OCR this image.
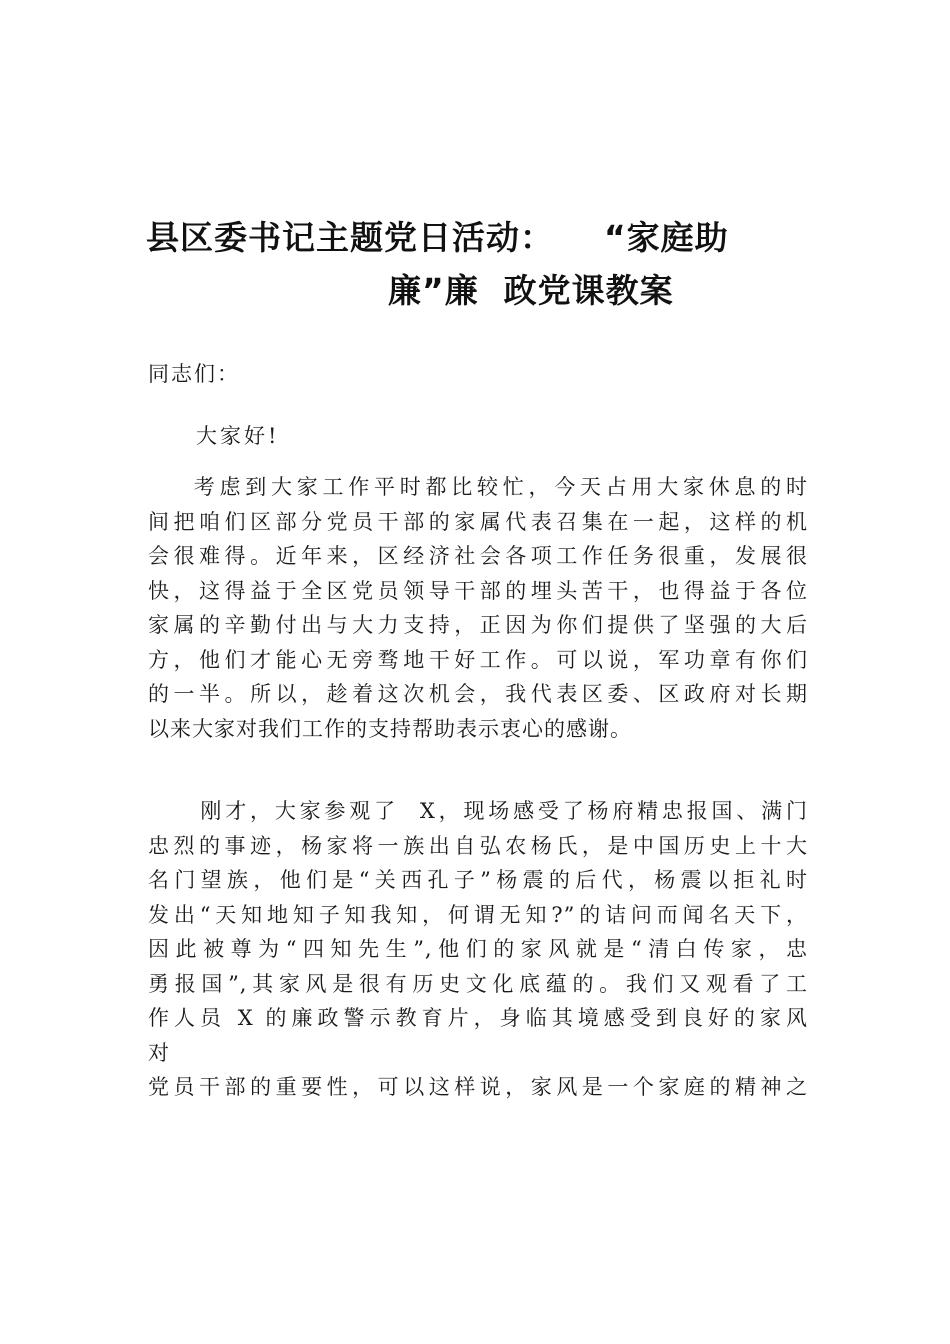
县区委书记主题党日活动：    “家庭助
廉”廉  政党课教案
同志们：
大家好!
考虑到大家工作平时都比较忙，今天占用大家休息的时
间把咱们区部分党员干部的家属代表召集在一起，这样的机
会很难得。近年来，区经济社会各项工作任务很重，发展很
快，这得益于全区党员领导干部的埋头苦干，也得益于各位
家属的辛勤付出与大力支持，正因为你们提供了坚强的大后
方，他们才能心无旁骛地干好工作。可以说，军功章有你们
的一半。所以，趁着这次机会，我代表区委、区政府对长期
以来大家对我们工作的支持帮助表示衷心的感谢。
刚才，大家参观了  X，现场感受了杨府精忠报国、满门
忠烈的事迹，杨家将一族出自弘农杨氏，是中国历史上十大
名门望族，他们是“关西孔子”杨震的后代，杨震以拒礼时
发出“天知地知子知我知，何谓无知?”的诘问而闻名天下，
因此被尊为“四知先生”,他们的家风就是“清白传家，忠
勇报国”,其家风是很有历史文化底蕴的。我们又观看了工
作人员 X 的廉政警示教育片，身临其境感受到良好的家风
对
党员干部的重要性，可以这样说，家风是一个家庭的精神之
